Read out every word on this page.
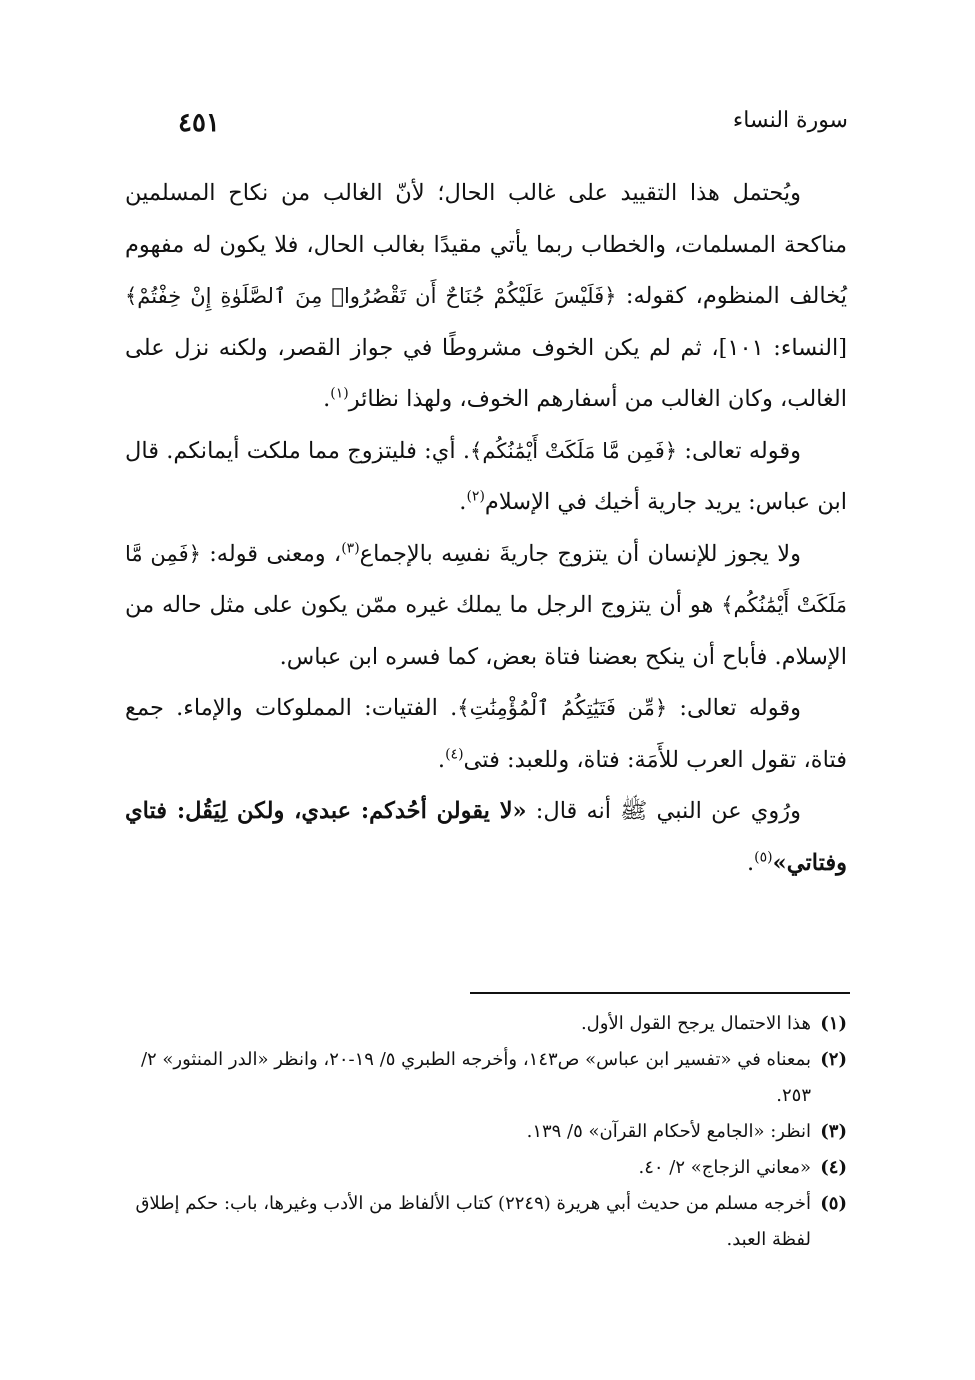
سورة النساء
٤٥١

ويُحتمل هذا التقييد على غالب الحال؛ لأنّ الغالب من نكاح المسلمين مناكحة المسلمات، والخطاب ربما يأتي مقيدًا بغالب الحال، فلا يكون له مفهوم يُخالف المنظوم، كقوله: ﴿فَلَيْسَ عَلَيْكُمْ جُنَاحٌ أَن تَقْصُرُوا۟ مِنَ ٱلصَّلَوٰةِ إِنْ خِفْتُمْ﴾ [النساء: ١٠١]، ثم لم يكن الخوف مشروطًا في جواز القصر، ولكنه نزل على الغالب، وكان الغالب من أسفارهم الخوف، ولهذا نظائر$^{(١)}$.

وقوله تعالى: ﴿فَمِن مَّا مَلَكَتْ أَيْمَٰنُكُم﴾. أي: فليتزوج مما ملكت أيمانكم. قال ابن عباس: يريد جارية أخيك في الإسلام$^{(٢)}$.

ولا يجوز للإنسان أن يتزوج جاريةَ نفسِه بالإجماع$^{(٣)}$، ومعنى قوله: ﴿فَمِن مَّا مَلَكَتْ أَيْمَٰنُكُم﴾ هو أن يتزوج الرجل ما يملك غيره ممّن يكون على مثل حاله من الإسلام. فأباح أن ينكح بعضنا فتاة بعض، كما فسره ابن عباس.

وقوله تعالى: ﴿مِّن فَتَيَٰتِكُمُ ٱلْمُؤْمِنَٰتِ﴾. الفتيات: المملوكات والإماء. جمع فتاة، تقول العرب للأَمَة: فتاة، وللعبد: فتى$^{(٤)}$.

ورُوي عن النبي ﷺ أنه قال: «لا يقولن أحُدكم: عبدي، ولكن لِيَقُل: فتاي وفتاتي»$^{(٥)}$.

(١)
هذا الاحتمال يرجح القول الأول.
(٢)
بمعناه في «تفسير ابن عباس» ص١٤٣، وأخرجه الطبري ٥/ ١٩-٢٠، وانظر «الدر المنثور» ٢/ ٢٥٣.
(٣)
انظر: «الجامع لأحكام القرآن» ٥/ ١٣٩.
(٤)
«معاني الزجاج» ٢/ ٤٠.
(٥)
أخرجه مسلم من حديث أبي هريرة (٢٢٤٩) كتاب الألفاظ من الأدب وغيرها، باب: حكم إطلاق لفظة العبد.
